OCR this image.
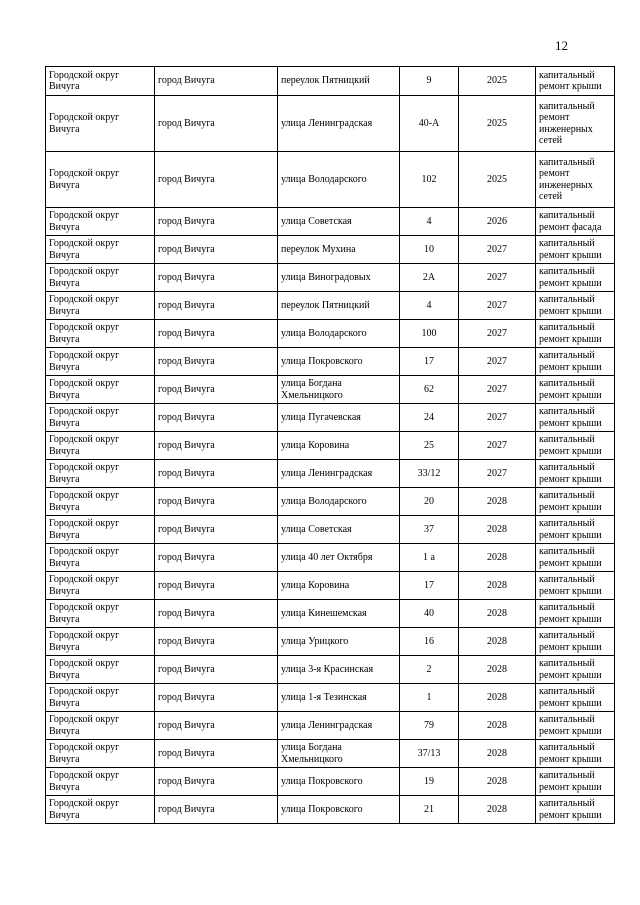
12
Городской округ Вичуга	город Вичуга	переулок Пятницкий	9	2025	капитальный ремонт крыши
Городской округ Вичуга	город Вичуга	улица Ленинградская	40-А	2025	капитальный ремонт инженерных сетей
Городской округ Вичуга	город Вичуга	улица Володарского	102	2025	капитальный ремонт инженерных сетей
Городской округ Вичуга	город Вичуга	улица Советская	4	2026	капитальный ремонт фасада
Городской округ Вичуга	город Вичуга	переулок Мухина	10	2027	капитальный ремонт крыши
Городской округ Вичуга	город Вичуга	улица Виноградовых	2А	2027	капитальный ремонт крыши
Городской округ Вичуга	город Вичуга	переулок Пятницкий	4	2027	капитальный ремонт крыши
Городской округ Вичуга	город Вичуга	улица Володарского	100	2027	капитальный ремонт крыши
Городской округ Вичуга	город Вичуга	улица Покровского	17	2027	капитальный ремонт крыши
Городской округ Вичуга	город Вичуга	улица Богдана Хмельницкого	62	2027	капитальный ремонт крыши
Городской округ Вичуга	город Вичуга	улица Пугачевская	24	2027	капитальный ремонт крыши
Городской округ Вичуга	город Вичуга	улица Коровина	25	2027	капитальный ремонт крыши
Городской округ Вичуга	город Вичуга	улица Ленинградская	33/12	2027	капитальный ремонт крыши
Городской округ Вичуга	город Вичуга	улица Володарского	20	2028	капитальный ремонт крыши
Городской округ Вичуга	город Вичуга	улица Советская	37	2028	капитальный ремонт крыши
Городской округ Вичуга	город Вичуга	улица 40 лет Октября	1 а	2028	капитальный ремонт крыши
Городской округ Вичуга	город Вичуга	улица Коровина	17	2028	капитальный ремонт крыши
Городской округ Вичуга	город Вичуга	улица Кинешемская	40	2028	капитальный ремонт крыши
Городской округ Вичуга	город Вичуга	улица Урицкого	16	2028	капитальный ремонт крыши
Городской округ Вичуга	город Вичуга	улица 3-я Красинская	2	2028	капитальный ремонт крыши
Городской округ Вичуга	город Вичуга	улица 1-я Тезинская	1	2028	капитальный ремонт крыши
Городской округ Вичуга	город Вичуга	улица Ленинградская	79	2028	капитальный ремонт крыши
Городской округ Вичуга	город Вичуга	улица Богдана Хмельницкого	37/13	2028	капитальный ремонт крыши
Городской округ Вичуга	город Вичуга	улица Покровского	19	2028	капитальный ремонт крыши
Городской округ Вичуга	город Вичуга	улица Покровского	21	2028	капитальный ремонт крыши
